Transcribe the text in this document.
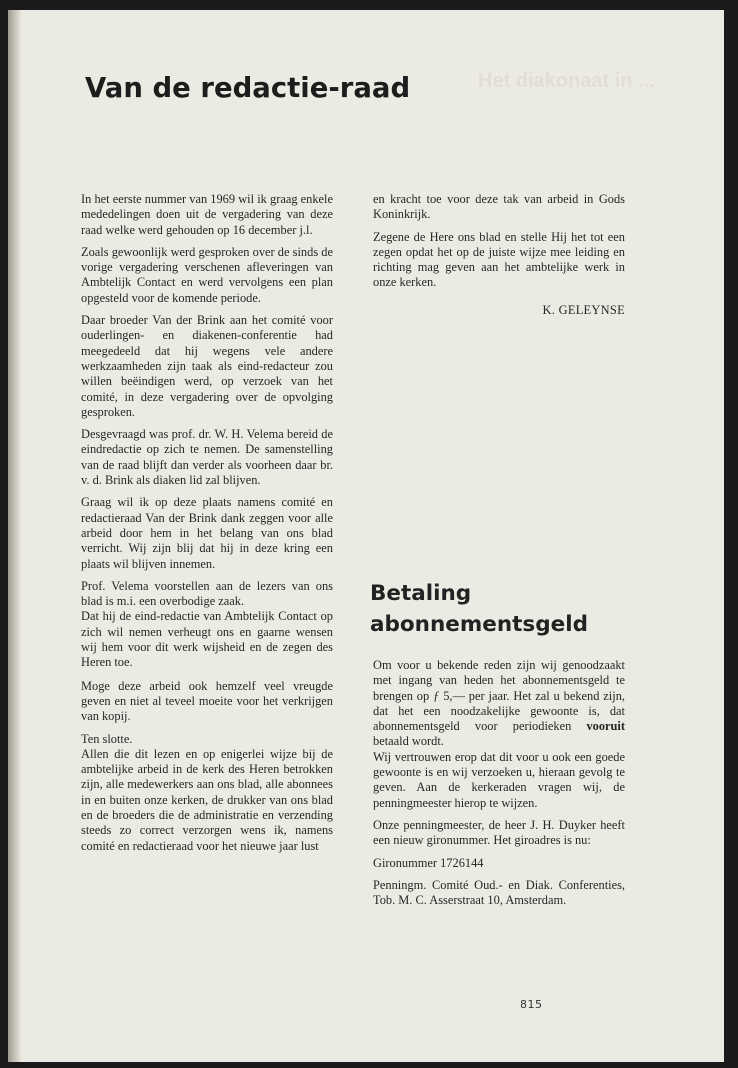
Het diakonaat in ...
Van de redactie-raad

In het eerste nummer van 1969 wil ik graag enkele mededelingen doen uit de vergadering van deze raad welke werd gehouden op 16 december j.l.

Zoals gewoonlijk werd gesproken over de sinds de vorige vergadering verschenen afleveringen van Ambtelijk Contact en werd vervolgens een plan opgesteld voor de komende periode.

Daar broeder Van der Brink aan het comité voor ouderlingen- en diakenen-conferentie had meegedeeld dat hij wegens vele andere werkzaamheden zijn taak als eind-redacteur zou willen beëindigen werd, op verzoek van het comité, in deze vergadering over de opvolging gesproken.

Desgevraagd was prof. dr. W. H. Velema bereid de eindredactie op zich te nemen. De samenstelling van de raad blijft dan verder als voorheen daar br. v. d. Brink als diaken lid zal blijven.

Graag wil ik op deze plaats namens comité en redactieraad Van der Brink dank zeggen voor alle arbeid door hem in het belang van ons blad verricht. Wij zijn blij dat hij in deze kring een plaats wil blijven innemen.

Prof. Velema voorstellen aan de lezers van ons blad is m.i. een overbodige zaak.

Dat hij de eind-redactie van Ambtelijk Contact op zich wil nemen verheugt ons en gaarne wensen wij hem voor dit werk wijsheid en de zegen des Heren toe.

Moge deze arbeid ook hemzelf veel vreugde geven en niet al teveel moeite voor het verkrijgen van kopij.

Ten slotte.

Allen die dit lezen en op enigerlei wijze bij de ambtelijke arbeid in de kerk des Heren betrokken zijn, alle medewerkers aan ons blad, alle abonnees in en buiten onze kerken, de drukker van ons blad en de broeders die de administratie en verzending steeds zo correct verzorgen wens ik, namens comité en redactieraad voor het nieuwe jaar lust

en kracht toe voor deze tak van arbeid in Gods Koninkrijk.

Zegene de Here ons blad en stelle Hij het tot een zegen opdat het op de juiste wijze mee leiding en richting mag geven aan het ambtelijke werk in onze kerken.

K. GELEYNSE

Betaling abonnementsgeld

Om voor u bekende reden zijn wij genoodzaakt met ingang van heden het abonnementsgeld te brengen op ƒ 5,— per jaar. Het zal u bekend zijn, dat het een noodzakelijke gewoonte is, dat abonnementsgeld voor periodieken vooruit betaald wordt.

Wij vertrouwen erop dat dit voor u ook een goede gewoonte is en wij verzoeken u, hieraan gevolg te geven. Aan de kerkeraden vragen wij, de penningmeester hierop te wijzen.

Onze penningmeester, de heer J. H. Duyker heeft een nieuw gironummer. Het giroadres is nu:

Gironummer 1726144

Penningm. Comité Oud.- en Diak. Conferenties, Tob. M. C. Asserstraat 10, Amsterdam.

815
